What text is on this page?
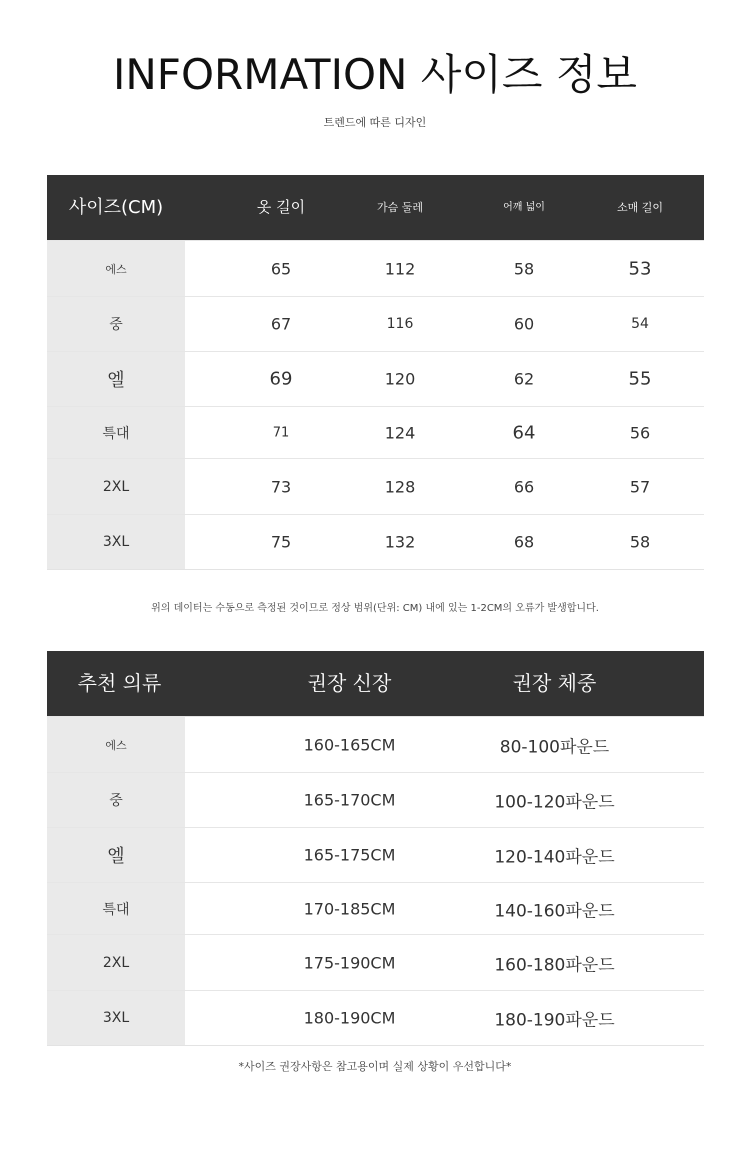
INFORMATION 사이즈 정보
트렌드에 따른 디자인
사이즈(CM)	옷 길이	가슴 둘레	어깨 넓이	소매 길이
에스	65	112	58	53
중	67	116	60	54
엘	69	120	62	55
특대	71	124	64	56
2XL	73	128	66	57
3XL	75	132	68	58
위의 데이터는 수동으로 측정된 것이므로 정상 범위(단위: CM) 내에 있는 1-2CM의 오류가 발생합니다.
추천 의류	권장 신장	권장 체중
에스	160-165CM	80-100파운드
중	165-170CM	100-120파운드
엘	165-175CM	120-140파운드
특대	170-185CM	140-160파운드
2XL	175-190CM	160-180파운드
3XL	180-190CM	180-190파운드
*사이즈 권장사항은 참고용이며 실제 상황이 우선합니다*
